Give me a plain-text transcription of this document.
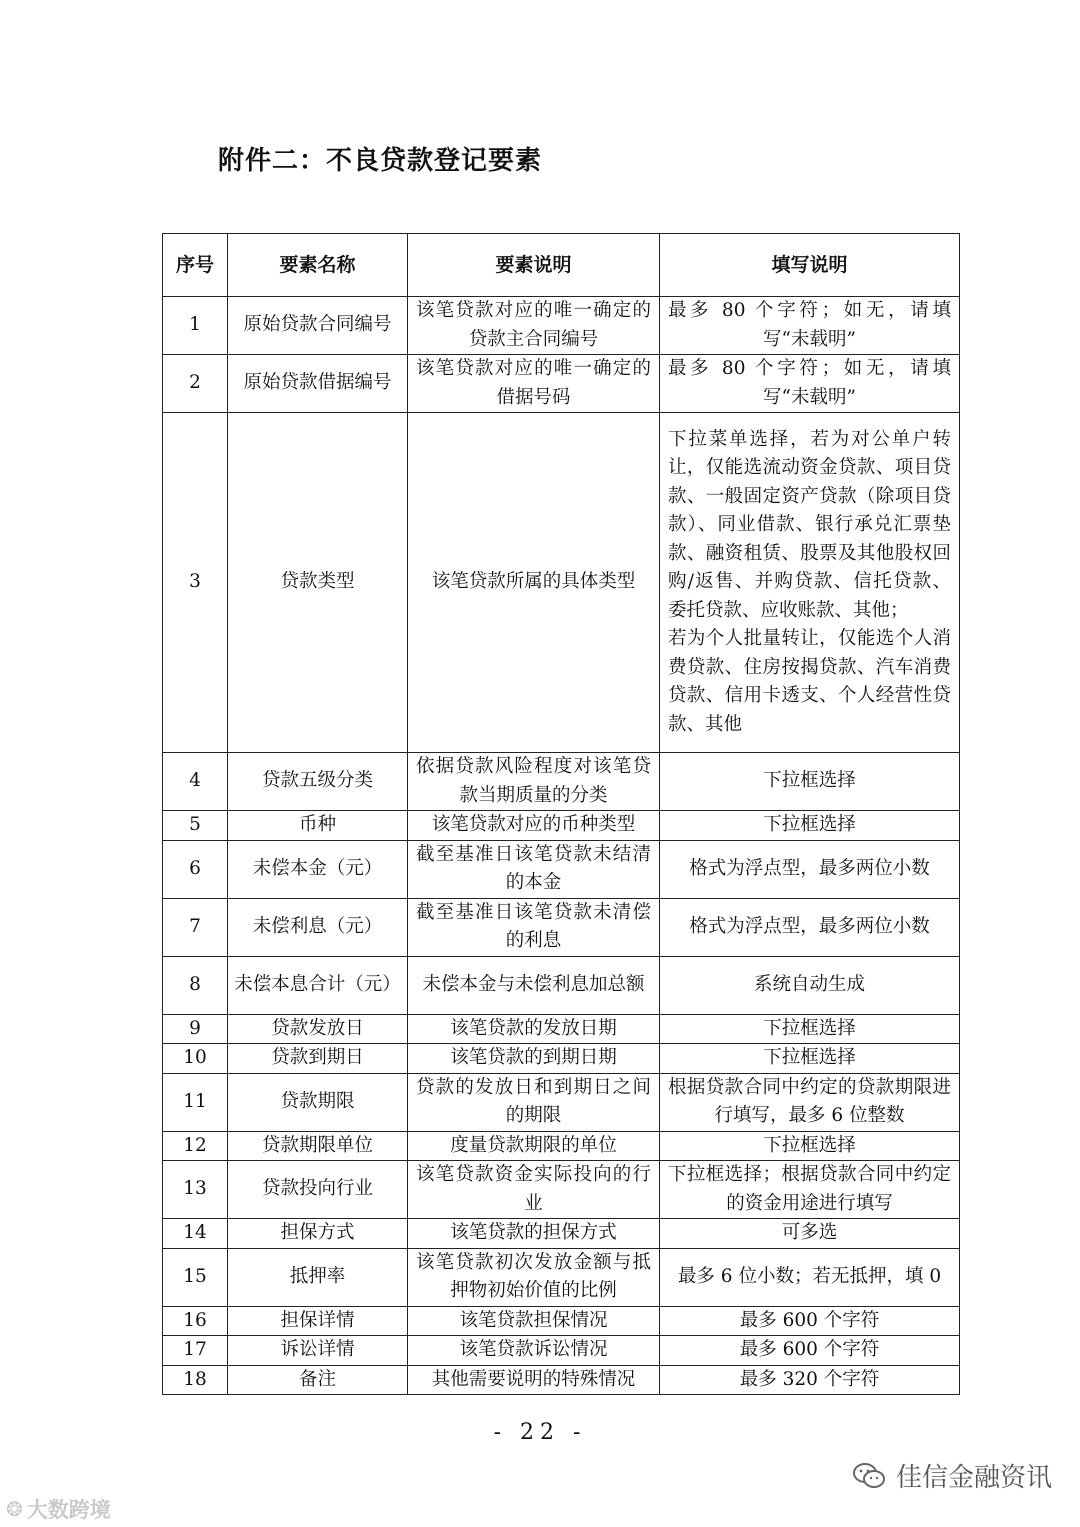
附件二：不良贷款登记要素
序号	要素名称	要素说明	填写说明
1	原始贷款合同编号	该笔贷款对应的唯一确定的贷款主合同编号	最多 80 个字符；如无，请填写“未载明”
2	原始贷款借据编号	该笔贷款对应的唯一确定的借据号码	最多 80 个字符；如无，请填写“未载明”
3	贷款类型	该笔贷款所属的具体类型	下拉菜单选择，若为对公单户转让，仅能选流动资金贷款、项目贷款、一般固定资产贷款（除项目贷款）、同业借款、银行承兑汇票垫款、融资租赁、股票及其他股权回购/返售、并购贷款、信托贷款、委托贷款、应收账款、其他；
若为个人批量转让，仅能选个人消费贷款、住房按揭贷款、汽车消费贷款、信用卡透支、个人经营性贷款、其他

4	贷款五级分类	依据贷款风险程度对该笔贷款当期质量的分类	下拉框选择
5	币种	该笔贷款对应的币种类型	下拉框选择
6	未偿本金（元）	截至基准日该笔贷款未结清的本金	格式为浮点型，最多两位小数
7	未偿利息（元）	截至基准日该笔贷款未清偿的利息	格式为浮点型，最多两位小数
8	未偿本息合计（元）	未偿本金与未偿利息加总额	系统自动生成
9	贷款发放日	该笔贷款的发放日期	下拉框选择
10	贷款到期日	该笔贷款的到期日期	下拉框选择
11	贷款期限	贷款的发放日和到期日之间的期限	根据贷款合同中约定的贷款期限进行填写，最多 6 位整数
12	贷款期限单位	度量贷款期限的单位	下拉框选择
13	贷款投向行业	该笔贷款资金实际投向的行业	下拉框选择；根据贷款合同中约定的资金用途进行填写
14	担保方式	该笔贷款的担保方式	可多选
15	抵押率	该笔贷款初次发放金额与抵押物初始价值的比例	最多 6 位小数；若无抵押，填 0
16	担保详情	该笔贷款担保情况	最多 600 个字符
17	诉讼详情	该笔贷款诉讼情况	最多 600 个字符
18	备注	其他需要说明的特殊情况	最多 320 个字符
- 22 -
佳信金融资讯
❂ 大数跨境
